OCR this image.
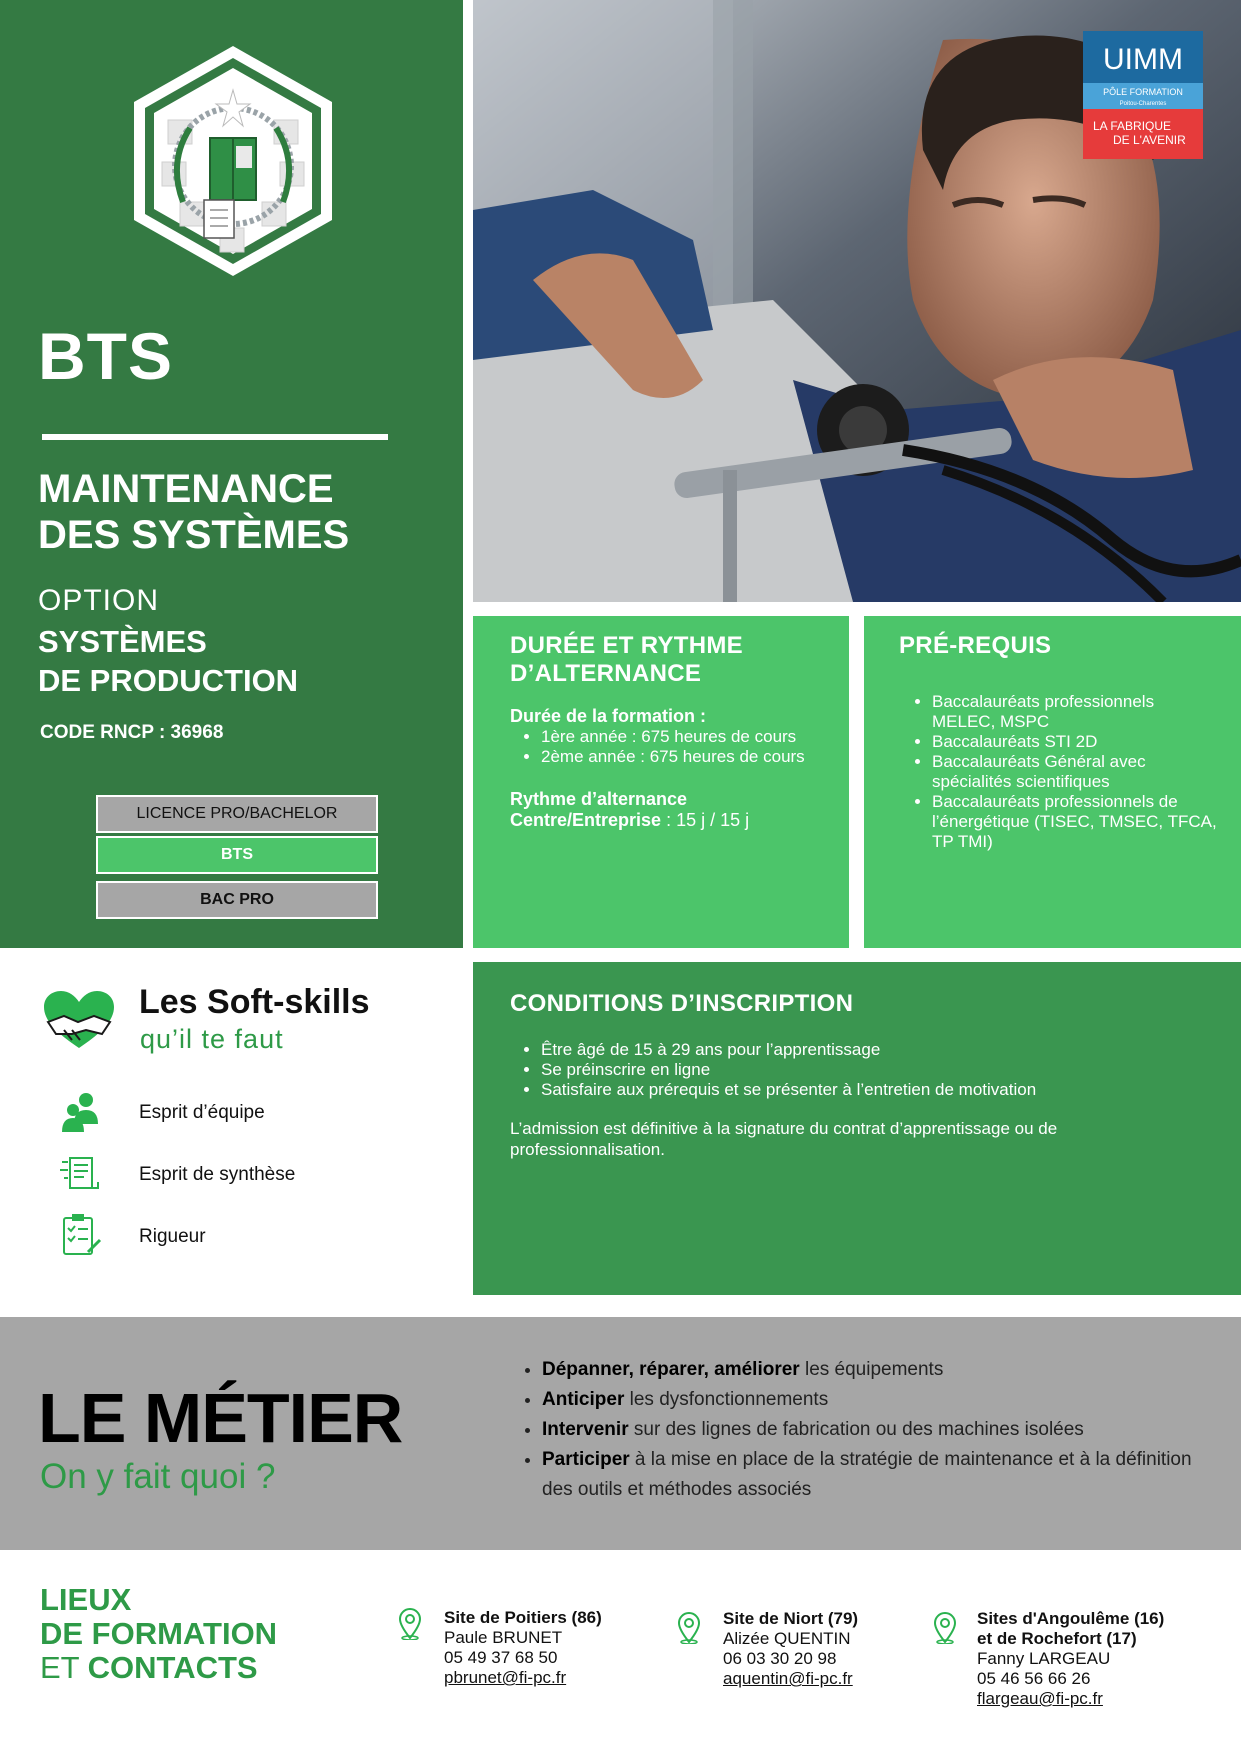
BTS
MAINTENANCE
DES SYSTÈMES
OPTION
SYSTÈMES
DE PRODUCTION
CODE RNCP : 36968
LICENCE PRO/BACHELOR
BTS
BAC PRO
UIMM
PÔLE FORMATION
Poitou-Charentes
LA FABRIQUE
DE L'AVENIR
DURÉE ET RYTHME
D’ALTERNANCE
Durée de la formation :
• 1ère année : 675 heures de cours
• 2ème année : 675 heures de cours
Rythme d’alternance
Centre/Entreprise : 15 j / 15 j
PRÉ-REQUIS
• Baccalauréats professionnels MELEC, MSPC
• Baccalauréats STI 2D
• Baccalauréats Général avec spécialités scientifiques
• Baccalauréats professionnels de l’énergétique (TISEC, TMSEC, TFCA, TP TMI)
Les Soft-skills
qu’il te faut
Esprit d’équipe
Esprit de synthèse
Rigueur
CONDITIONS D’INSCRIPTION
• Être âgé de 15 à 29 ans pour l’apprentissage
• Se préinscrire en ligne
• Satisfaire aux prérequis et se présenter à l’entretien de motivation
L’admission est définitive à la signature du contrat d’apprentissage ou de professionnalisation.
LE MÉTIER
On y fait quoi ?
• Dépanner, réparer, améliorer les équipements
• Anticiper les dysfonctionnements
• Intervenir sur des lignes de fabrication ou des machines isolées
• Participer à la mise en place de la stratégie de maintenance et à la définition des outils et méthodes associés
LIEUX
DE FORMATION
ET CONTACTS
Site de Poitiers (86)
Paule BRUNET
05 49 37 68 50
pbrunet@fi-pc.fr
Site de Niort (79)
Alizée QUENTIN
06 03 30 20 98
aquentin@fi-pc.fr
Sites d'Angoulême (16)
et de Rochefort (17)
Fanny LARGEAU
05 46 56 66 26
flargeau@fi-pc.fr
